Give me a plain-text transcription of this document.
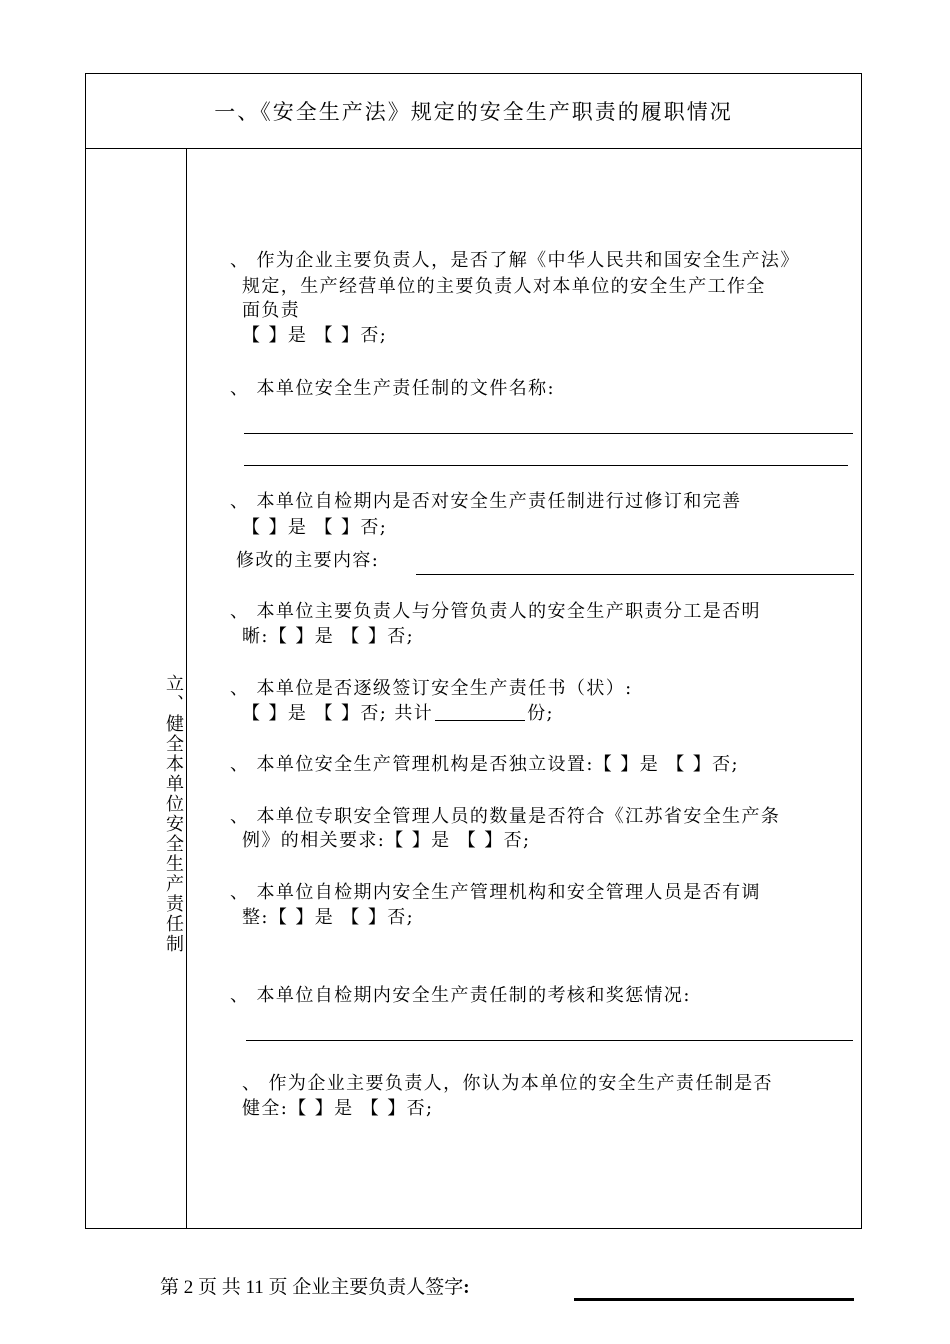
一、《安全生产法》规定的安全生产职责的履职情况
立、健全本单位安全生产责任制
、 作为企业主要负责人，是否了解《中华人民共和国安全生产法》
规定，生产经营单位的主要负责人对本单位的安全生产工作全
面负责
【 】是 【 】否;
、 本单位安全生产责任制的文件名称:
、 本单位自检期内是否对安全生产责任制进行过修订和完善
【 】是 【 】否;
修改的主要内容:
、 本单位主要负责人与分管负责人的安全生产职责分工是否明
晰:【 】是 【 】否;
、 本单位是否逐级签订安全生产责任书（状）:
【 】是 【 】否; 共计	份;
、 本单位安全生产管理机构是否独立设置:【 】是 【 】否;
、 本单位专职安全管理人员的数量是否符合《江苏省安全生产条
例》的相关要求:【 】是 【 】否;
、 本单位自检期内安全生产管理机构和安全管理人员是否有调
整:【 】是 【 】否;
、 本单位自检期内安全生产责任制的考核和奖惩情况:
、 作为企业主要负责人，你认为本单位的安全生产责任制是否
健全:【 】是 【 】否;
第 2 页 共 11 页 企业主要负责人签字:
